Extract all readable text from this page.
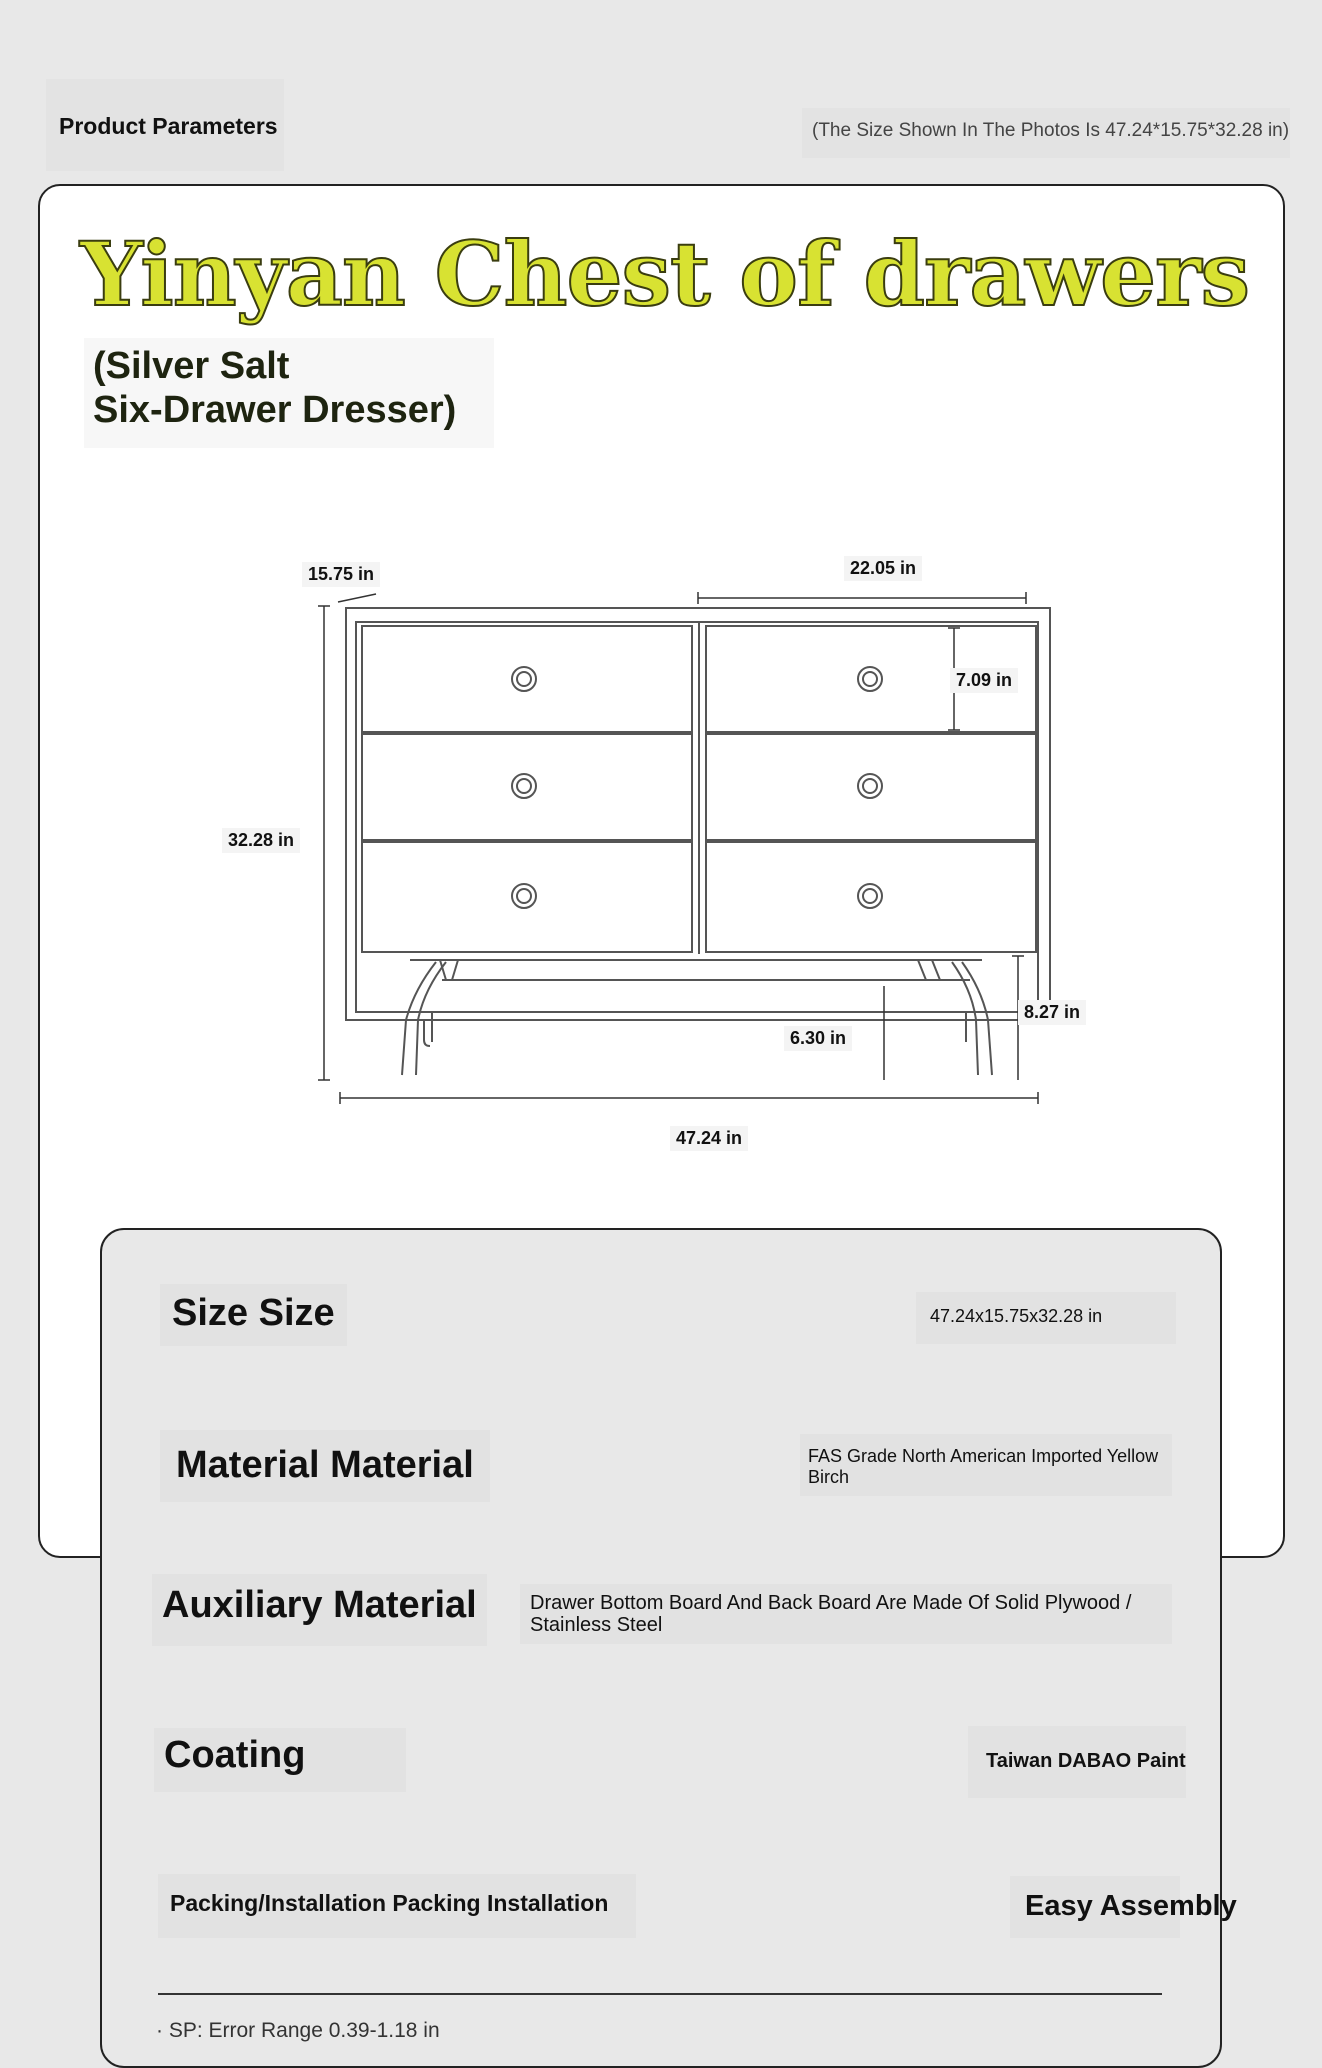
Product Parameters	(The Size Shown In The Photos Is 47.24*15.75*32.28 in)
Yinyan Chest of drawers
(Silver Salt
Six-Drawer Dresser)
15.75 in	22.05 in
7.09 in
32.28 in
8.27 in
6.30 in
47.24 in
Size Size	47.24x15.75x32.28 in
Material Material	FAS Grade North American Imported Yellow Birch
Auxiliary Material	Drawer Bottom Board And Back Board Are Made Of Solid Plywood / Stainless Steel
Coating	Taiwan DABAO Paint
Packing/Installation Packing Installation	Easy Assembly
· SP: Error Range 0.39-1.18 in
